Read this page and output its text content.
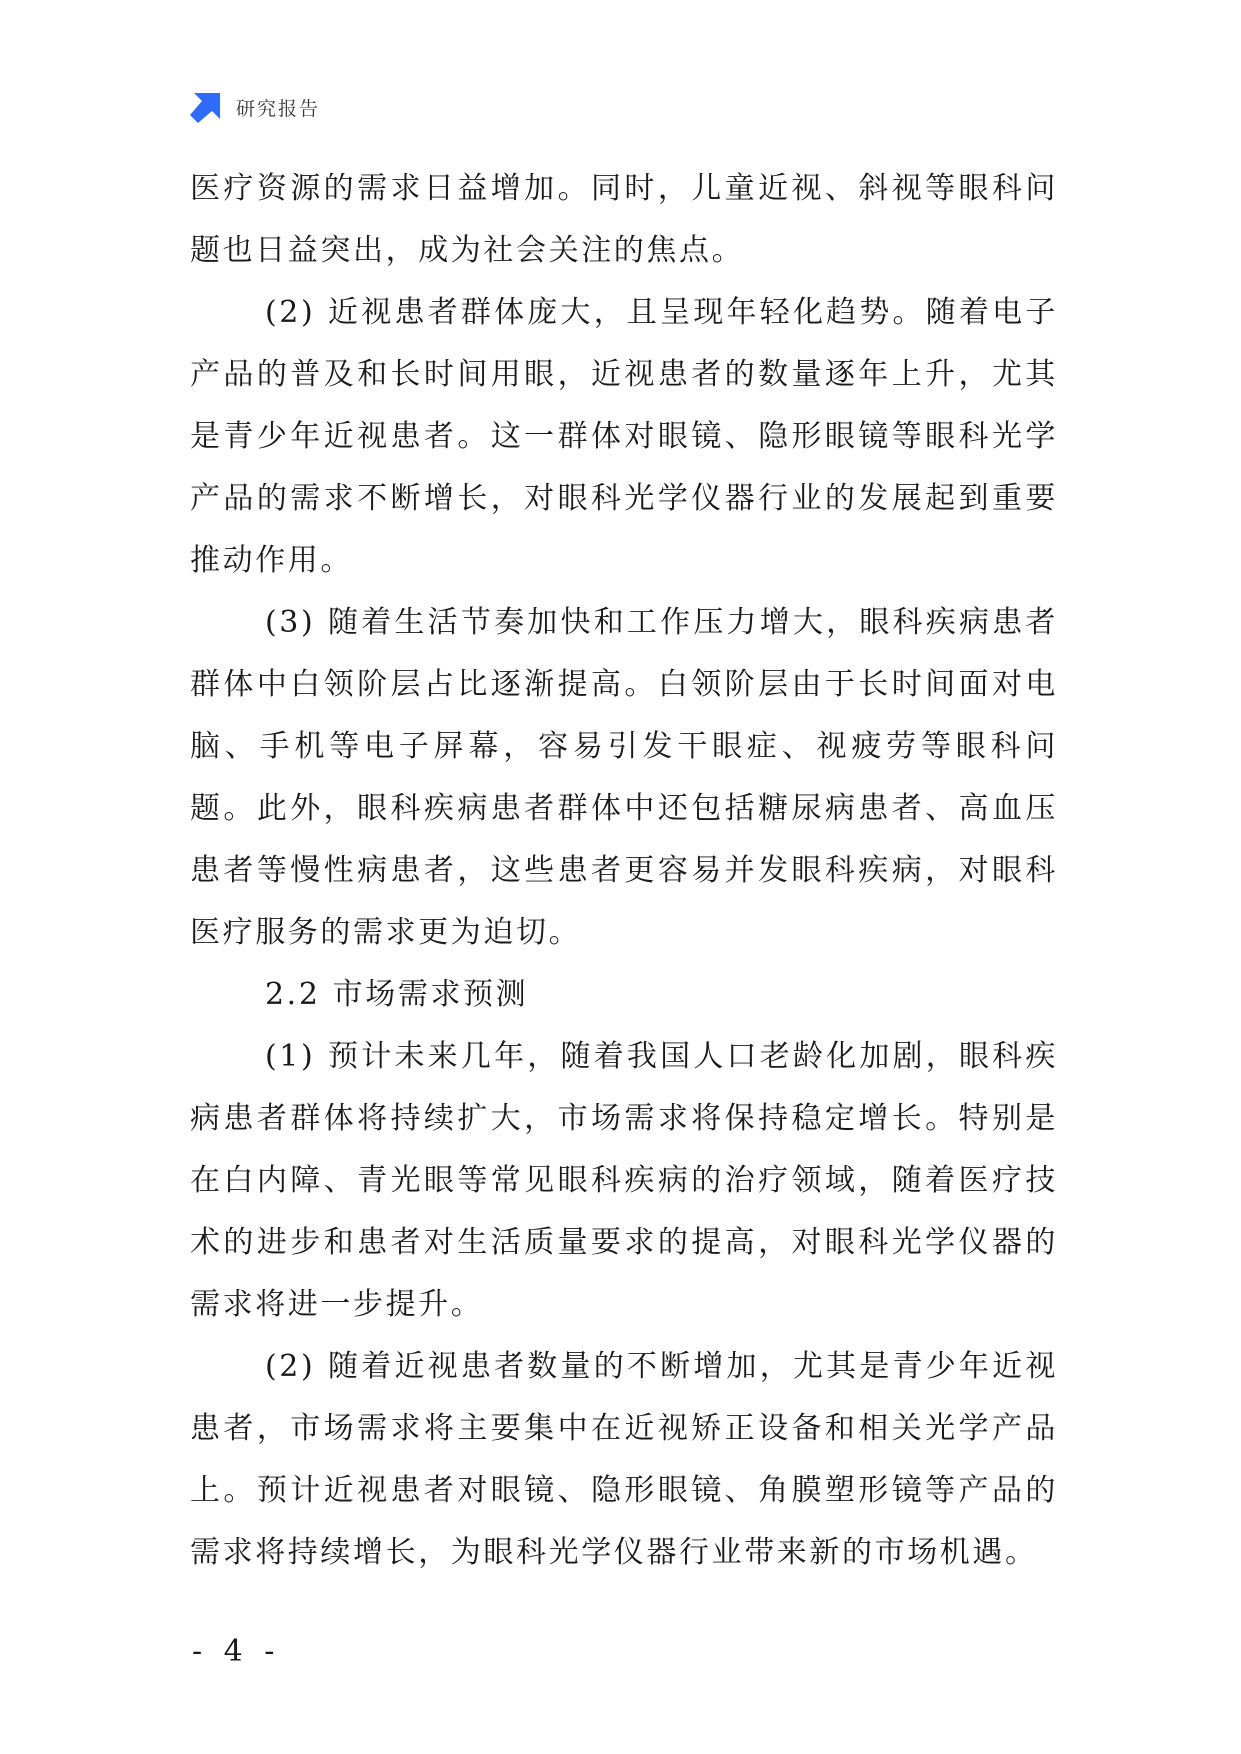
研究报告

医疗资源的需求日益增加。同时，儿童近视、斜视等眼科问题也日益突出，成为社会关注的焦点。

(2) 近视患者群体庞大，且呈现年轻化趋势。随着电子产品的普及和长时间用眼，近视患者的数量逐年上升，尤其是青少年近视患者。这一群体对眼镜、隐形眼镜等眼科光学产品的需求不断增长，对眼科光学仪器行业的发展起到重要推动作用。

(3) 随着生活节奏加快和工作压力增大，眼科疾病患者群体中白领阶层占比逐渐提高。白领阶层由于长时间面对电脑、手机等电子屏幕，容易引发干眼症、视疲劳等眼科问题。此外，眼科疾病患者群体中还包括糖尿病患者、高血压患者等慢性病患者，这些患者更容易并发眼科疾病，对眼科医疗服务的需求更为迫切。

2.2 市场需求预测

(1) 预计未来几年，随着我国人口老龄化加剧，眼科疾病患者群体将持续扩大，市场需求将保持稳定增长。特别是在白内障、青光眼等常见眼科疾病的治疗领域，随着医疗技术的进步和患者对生活质量要求的提高，对眼科光学仪器的需求将进一步提升。

(2) 随着近视患者数量的不断增加，尤其是青少年近视患者，市场需求将主要集中在近视矫正设备和相关光学产品上。预计近视患者对眼镜、隐形眼镜、角膜塑形镜等产品的需求将持续增长，为眼科光学仪器行业带来新的市场机遇。

- 4 -
